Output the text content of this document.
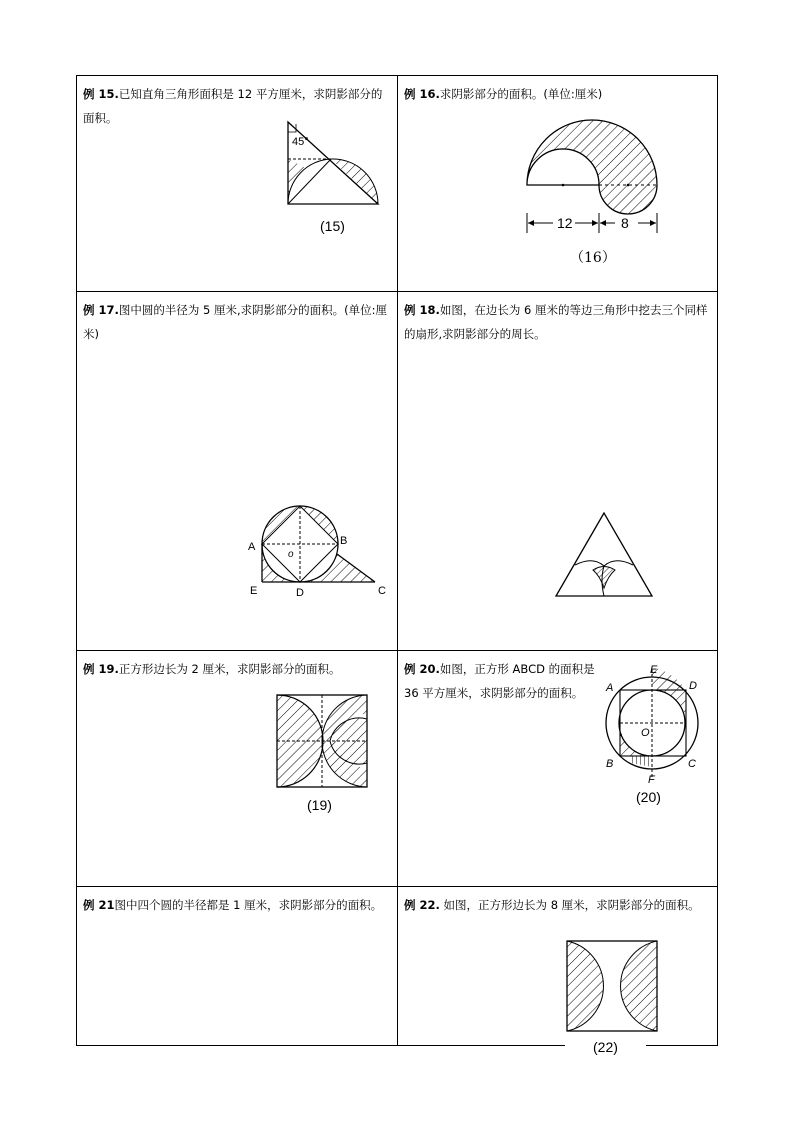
例 15.已知直角三角形面积是 12 平方厘米，求阴影部分的面积。
45°
(15)
例 16.求阴影部分的面积。(单位:厘米)
12	8
（16）
例 17.图中圆的半径为 5 厘米,求阴影部分的面积。(单位:厘米)
A	B
C
D
E
o
例 18.如图，在边长为 6 厘米的等边三角形中挖去三个同样的扇形,求阴影部分的周长。
例 19.正方形边长为 2 厘米，求阴影部分的面积。
(19)
例 20.如图，正方形 ABCD 的面积是 36 平方厘米，求阴影部分的面积。	A
B	C
D
E
F
O
(20)
例 21图中四个圆的半径都是 1 厘米，求阴影部分的面积。	例 22. 如图，正方形边长为 8 厘米，求阴影部分的面积。
(22)
